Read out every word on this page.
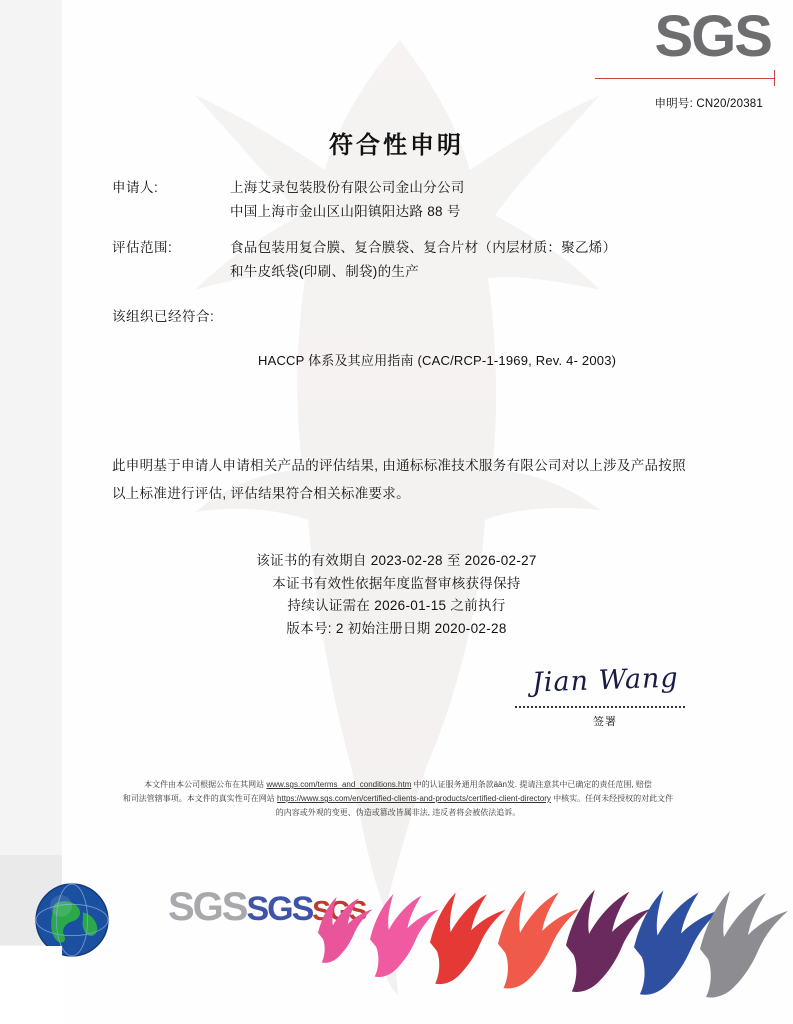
SGS
申明号: CN20/20381
符合性申明
申请人:	上海艾录包装股份有限公司金山分公司
中国上海市金山区山阳镇阳达路 88 号
评估范围:	食品包装用复合膜、复合膜袋、复合片材（内层材质：聚乙烯）
和牛皮纸袋(印刷、制袋)的生产
该组织已经符合:
HACCP 体系及其应用指南 (CAC/RCP-1-1969, Rev. 4- 2003)
此申明基于申请人申请相关产品的评估结果, 由通标标准技术服务有限公司对以上涉及产品按照
以上标准进行评估, 评估结果符合相关标准要求。
该证书的有效期自 2023-02-28 至 2026-02-27
本证书有效性依据年度监督审核获得保持
持续认证需在 2026-01-15 之前执行
版本号: 2 初始注册日期 2020-02-28
Jian Wang
签署
本文件由本公司根据公布在其网站 www.sgs.com/terms_and_conditions.htm 中的认证服务通用条款ään发. 提请注意其中已确定的责任范围, 赔偿
和司法管辖事项。本文件的真实性可在网站 https://www.sgs.com/en/certified-clients-and-products/certified-client-directory 中核实。任何未经授权的对此文件
的内容或外观的变更、伪造或篡改皆属非法, 违反者将会被依法追诉。
SGSSGSSGS
